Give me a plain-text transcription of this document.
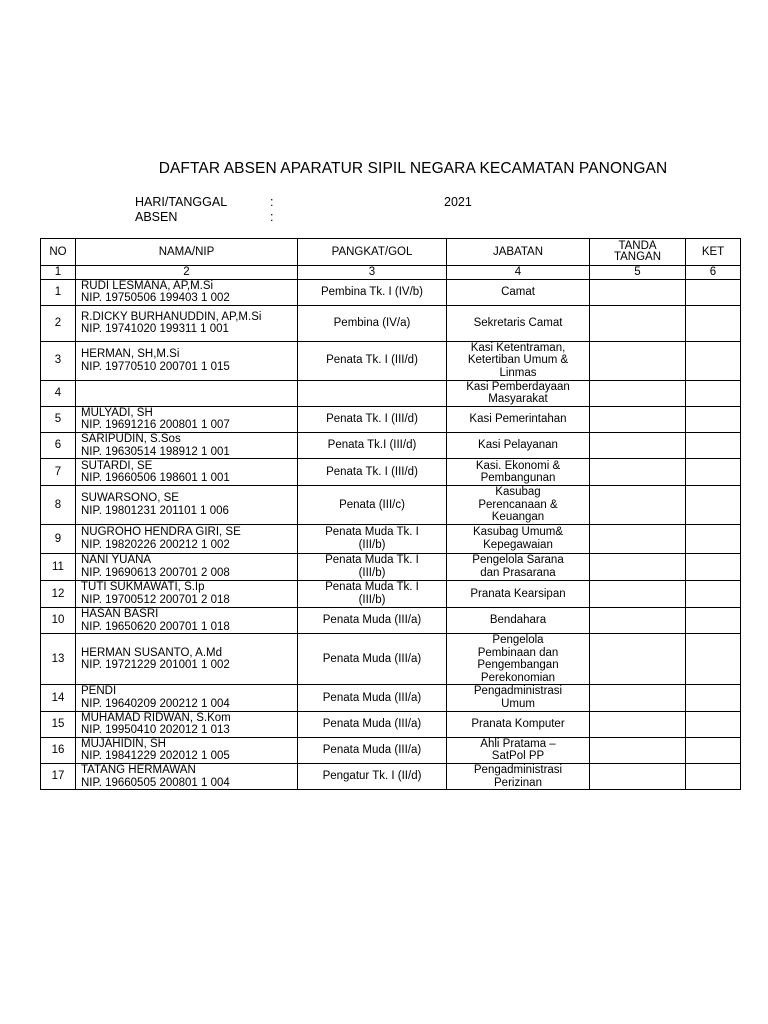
DAFTAR ABSEN APARATUR SIPIL NEGARA KECAMATAN PANONGAN
HARI/TANGGAL	:	2021
ABSEN	:
NO	NAMA/NIP	PANGKAT/GOL	JABATAN	TANDA
TANGAN	KET
1	2	3	4	5	6
1	RUDI LESMANA, AP,M.Si
NIP. 19750506 199403 1 002	Pembina Tk. I (IV/b)	Camat		
2	R.DICKY BURHANUDDIN, AP,M.Si
NIP. 19741020 199311 1 001	Pembina (IV/a)	Sekretaris Camat		
3	HERMAN, SH,M.Si
NIP. 19770510 200701 1 015	Penata Tk. I (III/d)	Kasi Ketentraman,
Ketertiban Umum &
Linmas		
4			Kasi Pemberdayaan
Masyarakat		
5	MULYADI, SH
NIP. 19691216 200801 1 007	Penata Tk. I (III/d)	Kasi Pemerintahan		
6	SARIPUDIN, S.Sos
NIP. 19630514 198912 1 001	Penata Tk.I (III/d)	Kasi Pelayanan		
7	SUTARDI, SE
NIP. 19660506 198601 1 001	Penata Tk. I (III/d)	Kasi. Ekonomi &
Pembangunan		
8	SUWARSONO, SE
NIP. 19801231 201101 1 006	Penata (III/c)	Kasubag
Perencanaan &
Keuangan		
9	NUGROHO HENDRA GIRI, SE
NIP. 19820226 200212 1 002	Penata Muda Tk. I
(III/b)	Kasubag Umum&
Kepegawaian		
11	NANI YUANA
NIP. 19690613 200701 2 008	Penata Muda Tk. I
(III/b)	Pengelola Sarana
dan Prasarana		
12	TUTI SUKMAWATI, S.Ip
NIP. 19700512 200701 2 018	Penata Muda Tk. I
(III/b)	Pranata Kearsipan		
10	HASAN BASRI
NIP. 19650620 200701 1 018	Penata Muda (III/a)	Bendahara		
13	HERMAN SUSANTO, A.Md
NIP. 19721229 201001 1 002	Penata Muda (III/a)	Pengelola
Pembinaan dan
Pengembangan
Perekonomian		
14	PENDI
NIP. 19640209 200212 1 004	Penata Muda (III/a)	Pengadministrasi
Umum		
15	MUHAMAD RIDWAN, S.Kom
NIP. 19950410 202012 1 013	Penata Muda (III/a)	Pranata Komputer		
16	MUJAHIDIN, SH
NIP. 19841229 202012 1 005	Penata Muda (III/a)	Ahli Pratama –
SatPol PP		
17	TATANG HERMAWAN
NIP. 19660505 200801 1 004	Pengatur Tk. I (II/d)	Pengadministrasi
Perizinan		
